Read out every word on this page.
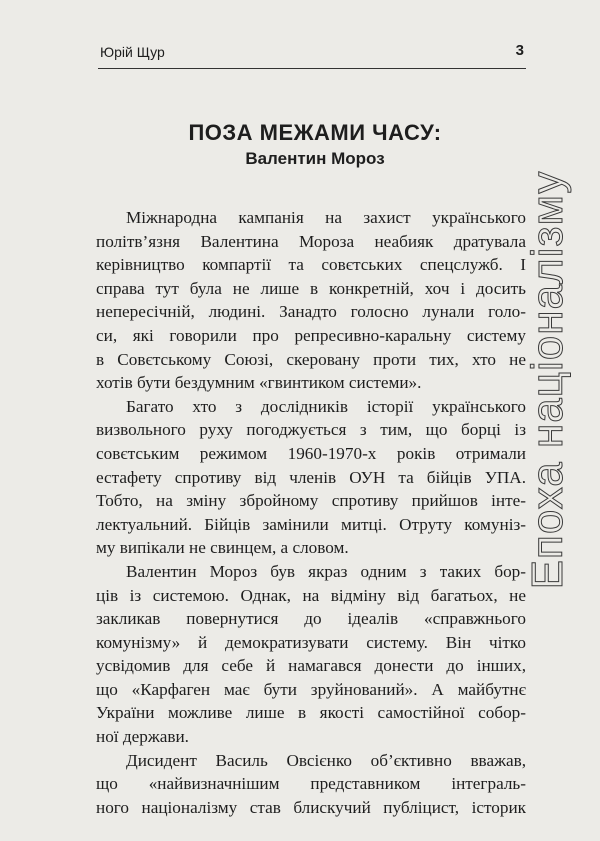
Юрій Щур	3
Епоха націоналізму
ПОЗА МЕЖАМИ ЧАСУ:
Валентин Мороз
Міжнародна кампанія на захист українського
політв’язня Валентина Мороза неабияк дратувала
керівництво компартії та совєтських спецслужб. І
справа тут була не лише в конкретній, хоч і досить
непересічній, людині. Занадто голосно лунали голо-
си, які говорили про репресивно-каральну систему
в Совєтському Союзі, скеровану проти тих, хто не
хотів бути бездумним «гвинтиком системи».
Багато хто з дослідників історії українського
визвольного руху погоджується з тим, що борці із
совєтським режимом 1960-1970-х років отримали
естафету спротиву від членів ОУН та бійців УПА.
Тобто, на зміну збройному спротиву прийшов інте-
лектуальний. Бійців замінили митці. Отруту комуніз-
му випікали не свинцем, а словом.
Валентин Мороз був якраз одним з таких бор-
ців із системою. Однак, на відміну від багатьох, не
закликав повернутися до ідеалів «справжнього
комунізму» й демократизувати систему. Він чітко
усвідомив для себе й намагався донести до інших,
що «Карфаген має бути зруйнований». А майбутнє
України можливе лише в якості самостійної собор-
ної держави.
Дисидент Василь Овсієнко об’єктивно вважав,
що «найвизначнішим представником інтеграль-
ного націоналізму став блискучий публіцист, історик
